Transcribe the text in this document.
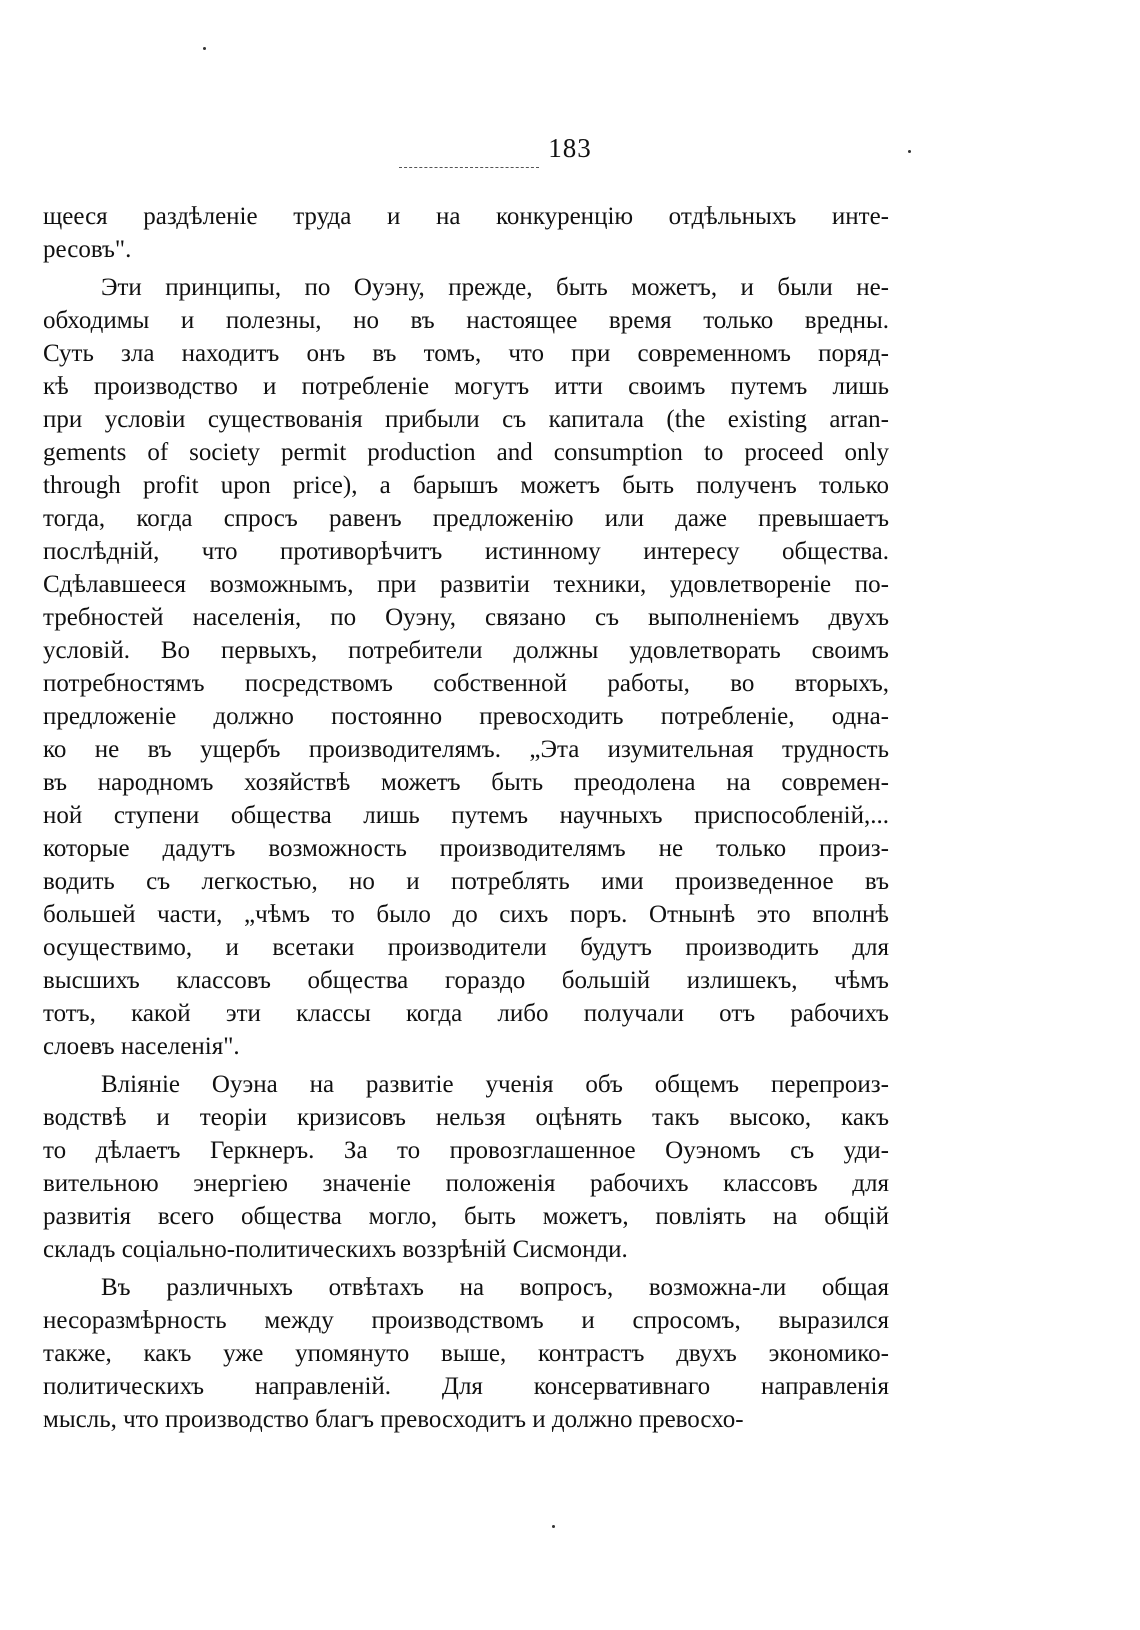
183
щееся раздѣленіе труда и на конкуренцію отдѣльныхъ инте-
ресовъ".
Эти принципы, по Оуэну, прежде, быть можетъ, и были не-
обходимы и полезны, но въ настоящее время только вредны.
Суть зла находитъ онъ въ томъ, что при современномъ поряд-
кѣ производство и потребленіе могутъ итти своимъ путемъ лишь
при условіи существованія прибыли съ капитала (the existing arran-
gements of society permit production and consumption to proceed only
through profit upon price), а барышъ можетъ быть полученъ только
тогда, когда спросъ равенъ предложенію или даже превышаетъ
послѣдній, что противорѣчитъ истинному интересу общества.
Сдѣлавшееся возможнымъ, при развитіи техники, удовлетвореніе по-
требностей населенія, по Оуэну, связано съ выполненіемъ двухъ
условій. Во первыхъ, потребители должны удовлетворать своимъ
потребностямъ посредствомъ собственной работы, во вторыхъ,
предложеніе должно постоянно превосходить потребленіе, одна-
ко не въ ущербъ производителямъ. „Эта изумительная трудность
въ народномъ хозяйствѣ можетъ быть преодолена на современ-
ной ступени общества лишь путемъ научныхъ приспособленій,...
которые дадутъ возможность производителямъ не только произ-
водить съ легкостью, но и потреблять ими произведенное въ
большей части, „чѣмъ то было до сихъ поръ. Отнынѣ это вполнѣ
осуществимо, и всетаки производители будутъ производить для
высшихъ классовъ общества гораздо большій излишекъ, чѣмъ
тотъ, какой эти классы когда либо получали отъ рабочихъ
слоевъ населенія".
Вліяніе Оуэна на развитіе ученія объ общемъ перепроиз-
водствѣ и теоріи кризисовъ нельзя оцѣнять такъ высоко, какъ
то дѣлаетъ Геркнеръ. За то провозглашенное Оуэномъ съ уди-
вительною энергіею значеніе положенія рабочихъ классовъ для
развитія всего общества могло, быть можетъ, повліять на общій
складъ соціально-политическихъ воззрѣній Сисмонди.
Въ различныхъ отвѣтахъ на вопросъ, возможна-ли общая
несоразмѣрность между производствомъ и спросомъ, выразился
также, какъ уже упомянуто выше, контрастъ двухъ экономико-
политическихъ направленій. Для консервативнаго направленія
мысль, что производство благъ превосходитъ и должно превосхо-
